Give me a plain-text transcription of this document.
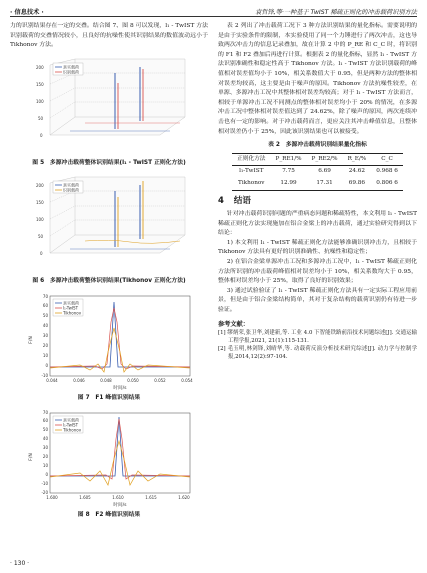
· 信息技术 ·	袁哲锋,等·一种基于 TwIST 稀疏正则化的冲击载荷识别方法

力的识别结果存在一定的交叠。结合图 7、图 8 可以发现，l₁ - TwIST 方法识别载荷的交叠情况较小，且良好的抗噪性使其识别结果的数值波动远小于 Tikhonov 方法。

0
50
100
150
200	真实载荷
识别载荷
图 5　多源冲击载荷整体识别结果(l₁ - TwIST 正则化方法)
0
50
100
150
200	真实载荷
识别载荷
图 6　多源冲击载荷整体识别结果(Tikhonov 正则化方法)
-10
0
10
20
30
40
50
60
70
0.044	0.046	0.048	0.050	0.052	0.054
时间/s
F/N
真实载荷
l₁-TwIST
Tikhonov
图 7　F1 峰值识别结果
-20
-10
0
10
20
30
40
50
60
70
1.600	1.605	1.610	1.615	1.620
时间/s
F/N
真实载荷
l₁-TwIST
Tikhonov
图 8　F2 峰值识别结果

表 2 列出了冲击载荷工况下 3 种方法识别结果的量化指标。需要说明的是由于实验条件的限制，本实验使用了同一个力锤进行了两次冲击，这也导致两次冲击力的信息记录叠加，故在计算 2 中的 P_RE 和 C_C 时，将识别的 F1 和 F2 叠加后再进行计算。根据表 2 的量化指标，显然 l₁ - TwIST 方法识别准确性和稳定性高于 Tikhonov 方法。l₁ - TwIST 方法识别载荷的峰值相对误差值均小于 10%，相关系数值大于 0.95，但是两种方法的整体相对误差均较高，这主要是由于噪声的原因。Tikhonov 方法抗噪性较差，在单源、多源冲击工况中其整体相对误差均较高；对于 l₁ - TwIST 方法而言，相较于单源冲击工况不同测点的整体相对误差均小于 20% 的情况，在多源冲击工况中整体相对误差值达到了 24.62%，除了噪声的原因，两次连续冲击也有一定的影响。对于冲击载荷而言，更应关注其冲击峰值信息，且整体相对误差仍小于 25%，因此该识别结果也可以被接受。

表 2　多源冲击载荷识别结果量化指标
正则化方法	P_RE1/%	P_RE2/%	R_E/%	C_C
l₁-TwIST	7.75	6.69	24.62	0.968 6
Tikhonov	12.99	17.31	69.86	0.806 6
4 结语

针对冲击载荷识别问题的严重病态问题和稀疏特性，本文利用 l₁ - TwIST 稀疏正则化方法实现施加在铝合金梁上的冲击载荷，通过实验研究得到以下结论：

1) 本文利用 l₁ - TwIST 稀疏正则化方法能够准确识别冲击力，且相较于 Tikhonov 方法具有更好的识别准确性、抗噪性和稳定性；

2) 在铝合金梁单源冲击工况和多源冲击工况中，l₁ - TwIST 稀疏正则化方法所识别的冲击载荷峰值相对误差均小于 10%，相关系数均大于 0.95，整体相对误差均小于 25%，取得了良好的识别效果；

3) 通过试验验证了 l₁ - TwIST 稀疏正则化方法具有一定实际工程应用前景，但是由于铝合金梁结构简单，其对于复杂结构的载荷识别仍有待进一步验证。

参考文献：
[1] 缪炳荣,张卫华,刘建新,等. 工业 4.0 下智能铁路前沿技术问题综述[J]. 交通运输工程学报,2021, 21(1):115-131.
[2] 毛玉明,林剑锋,刘晴华,等. 动载荷反演分析技术研究综述[J]. 动力学与控制学报,2014,12(2):97-104.
· 130 ·
